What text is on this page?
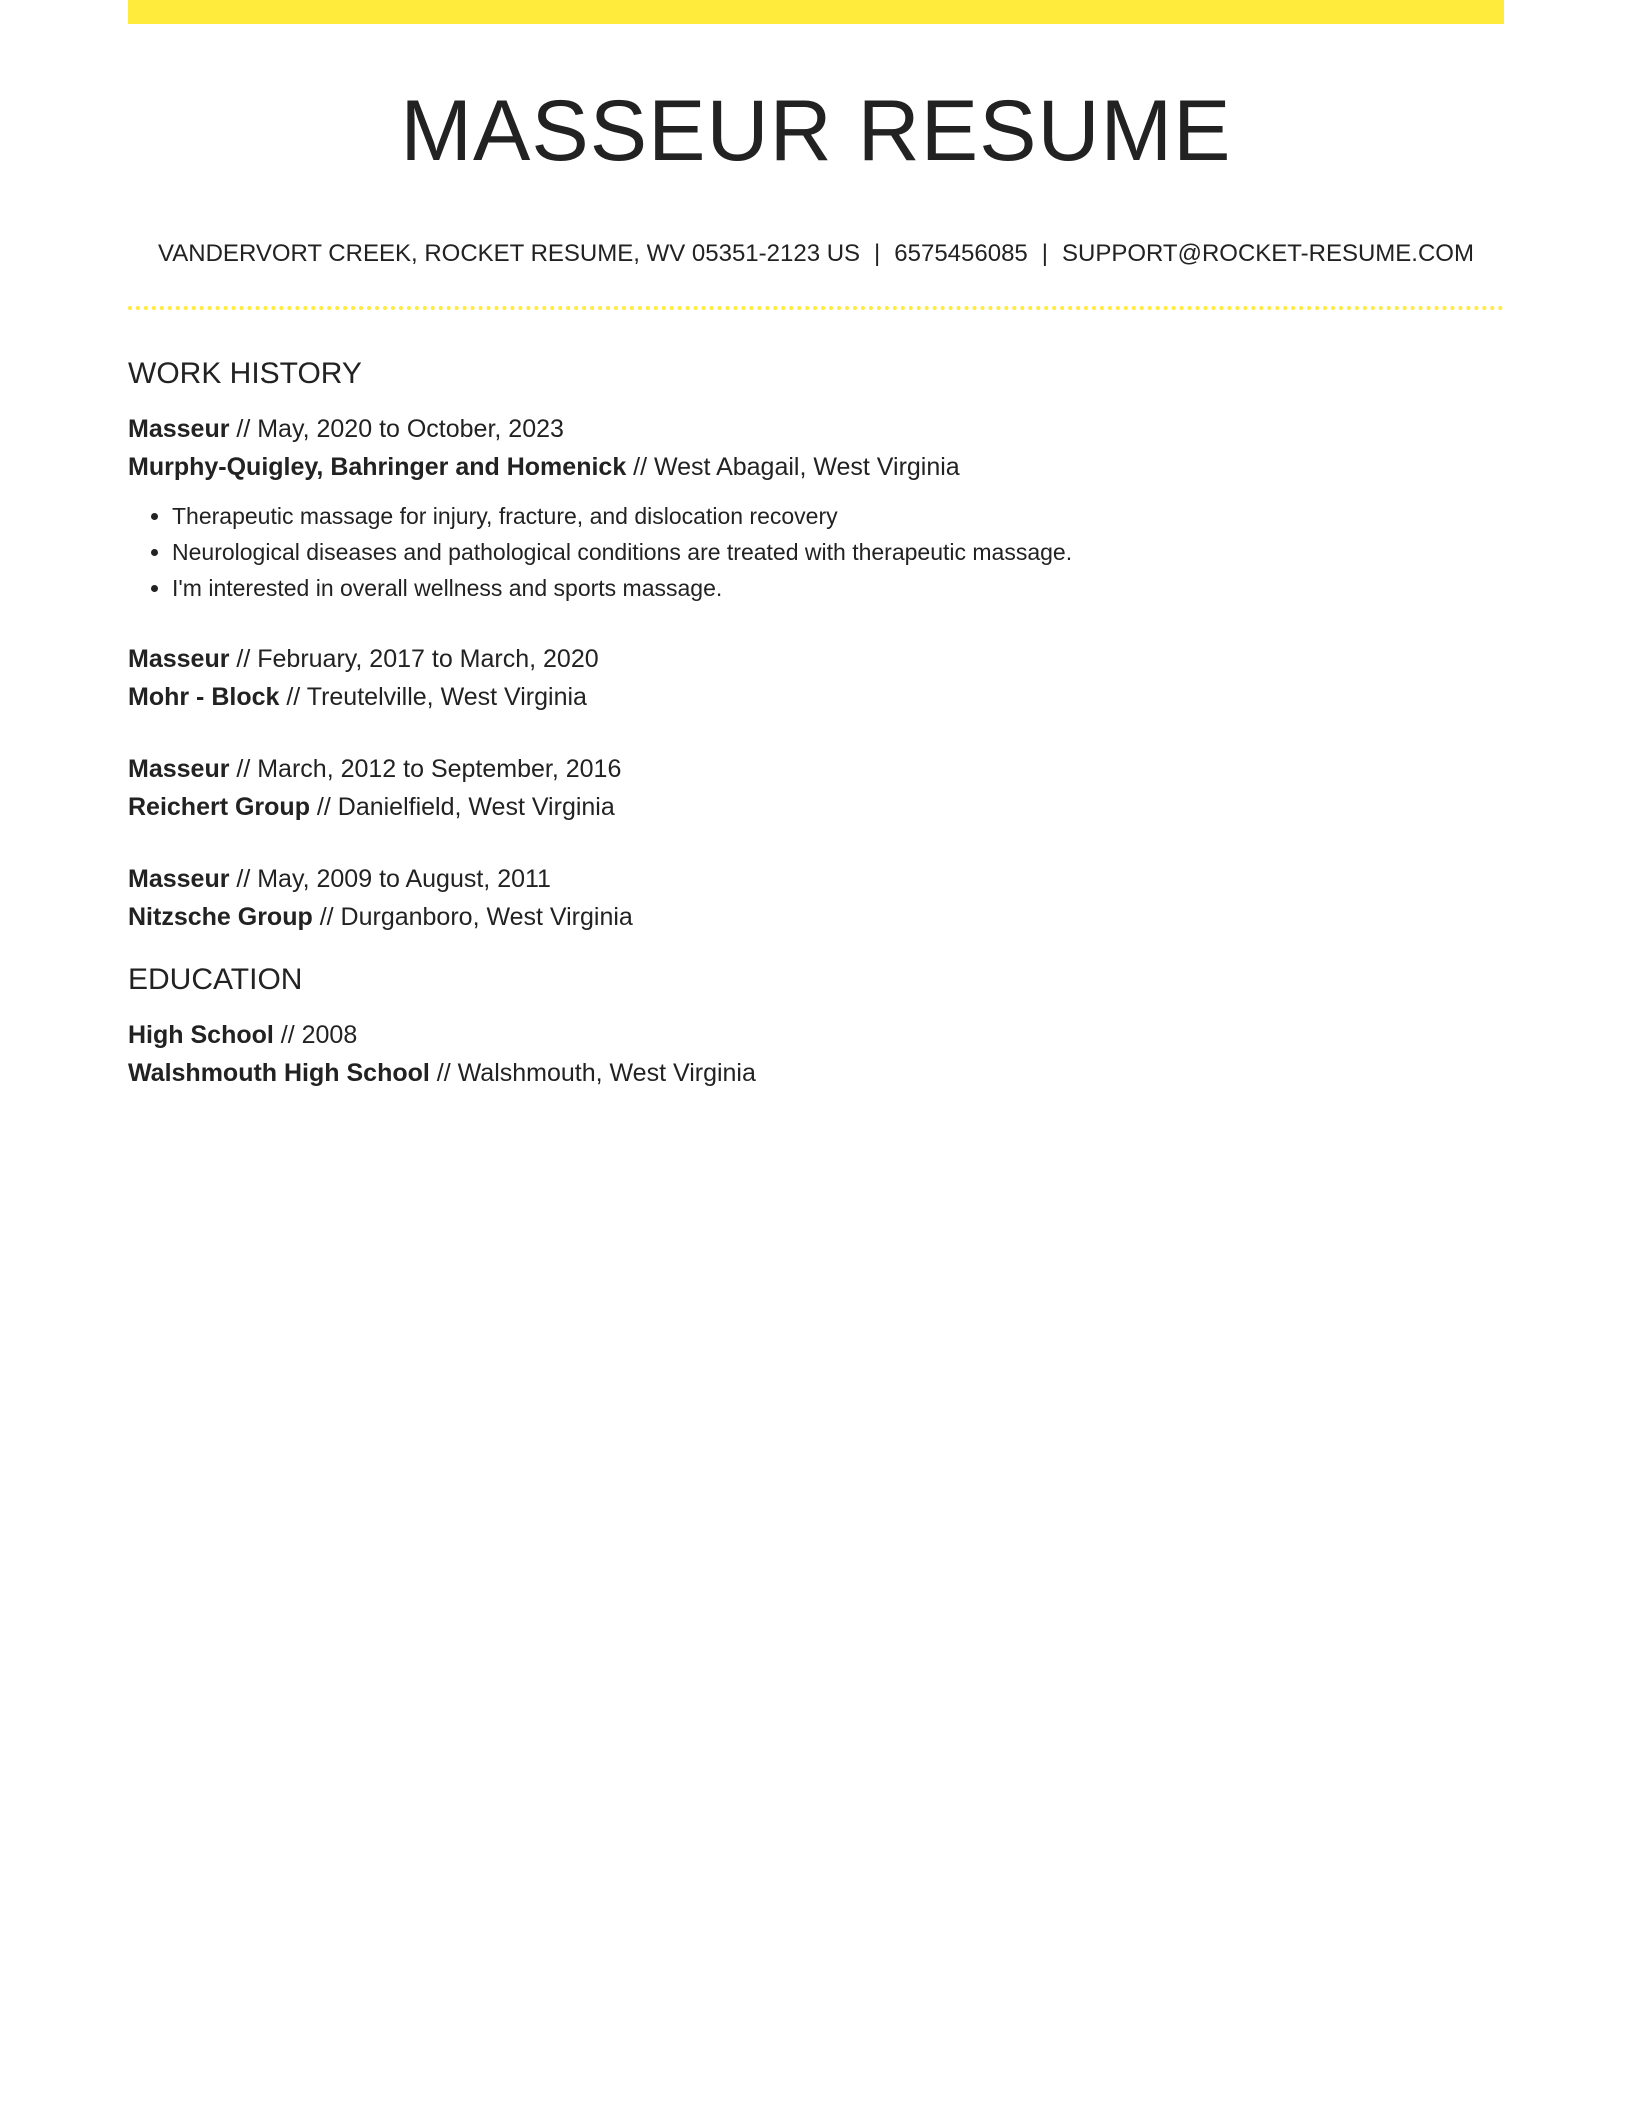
MASSEUR RESUME
VANDERVORT CREEK, ROCKET RESUME, WV 05351-2123 US | 6575456085 | SUPPORT@ROCKET-RESUME.COM
WORK HISTORY

Masseur // May, 2020 to October, 2023

Murphy-Quigley, Bahringer and Homenick // West Abagail, West Virginia

• Therapeutic massage for injury, fracture, and dislocation recovery
• Neurological diseases and pathological conditions are treated with therapeutic massage.
• I'm interested in overall wellness and sports massage.

Masseur // February, 2017 to March, 2020

Mohr - Block // Treutelville, West Virginia

Masseur // March, 2012 to September, 2016

Reichert Group // Danielfield, West Virginia

Masseur // May, 2009 to August, 2011

Nitzsche Group // Durganboro, West Virginia

EDUCATION

High School // 2008

Walshmouth High School // Walshmouth, West Virginia
